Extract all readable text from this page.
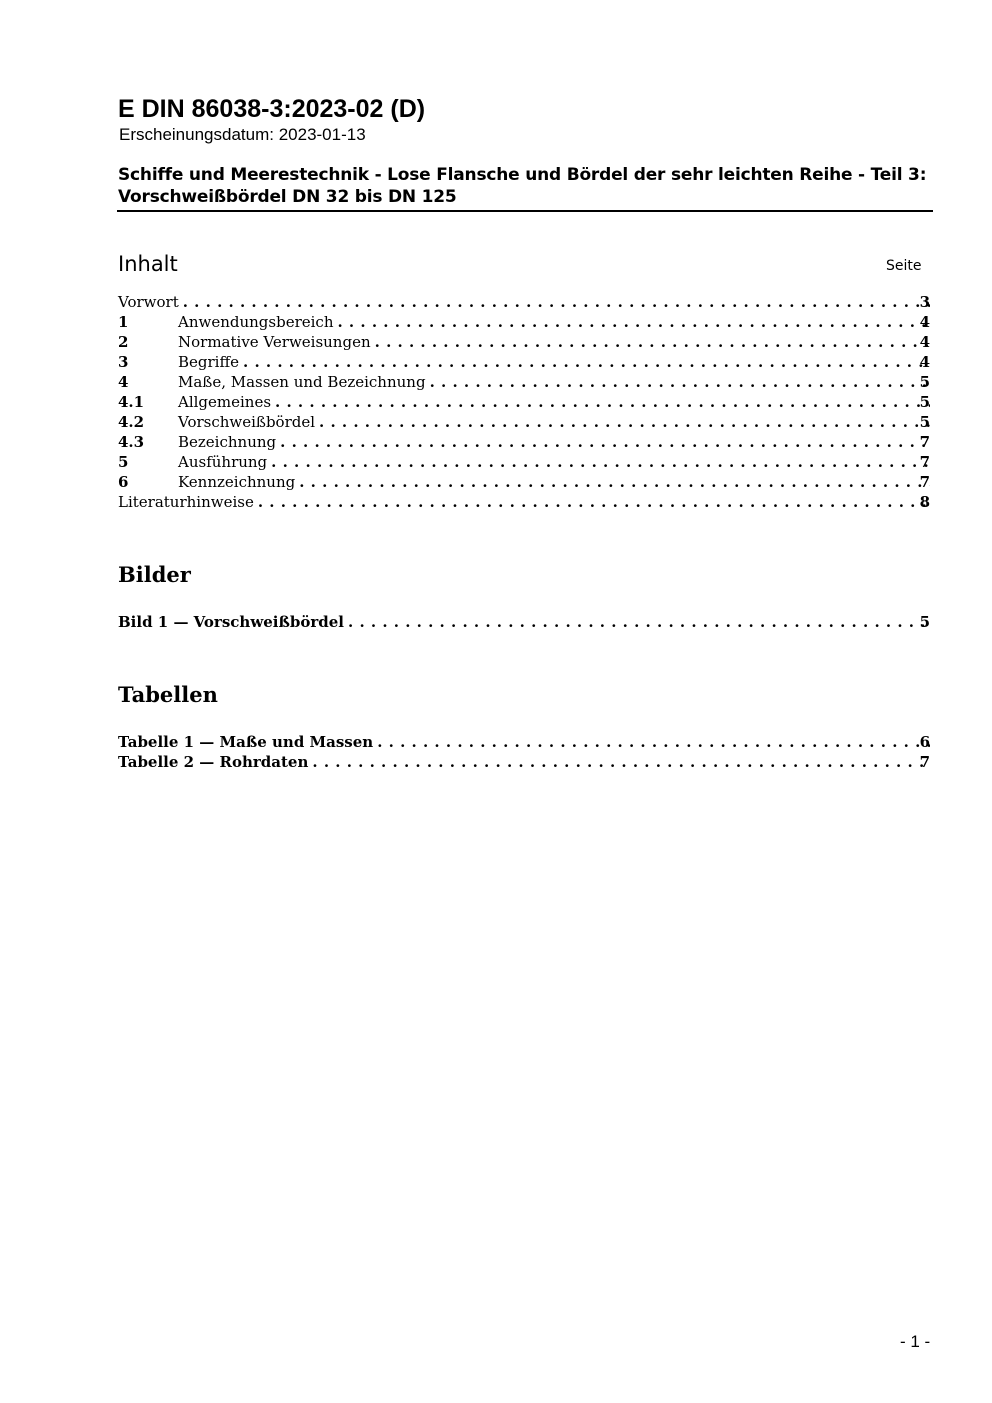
E DIN 86038-3:2023-02 (D)
Erscheinungsdatum: 2023-01-13
Schiffe und Meerestechnik - Lose Flansche und Bördel der sehr leichten Reihe - Teil 3: Vorschweißbördel DN 32 bis DN 125
Inhalt	Seite
Vorwort . . .	3
1	Anwendungsbereich . . .	4
2	Normative Verweisungen . . .	4
3	Begriffe . . .	4
4	Maße, Massen und Bezeichnung . . .	5
4.1	Allgemeines . . .	5
4.2	Vorschweißbördel . . .	5
4.3	Bezeichnung . . .	7
5	Ausführung . . .	7
6	Kennzeichnung . . .	7
Literaturhinweise . . .	8
Bilder
Bild 1 — Vorschweißbördel . . .	5
Tabellen
Tabelle 1 — Maße und Massen . . .	6
Tabelle 2 — Rohrdaten . . .	7
- 1 -
